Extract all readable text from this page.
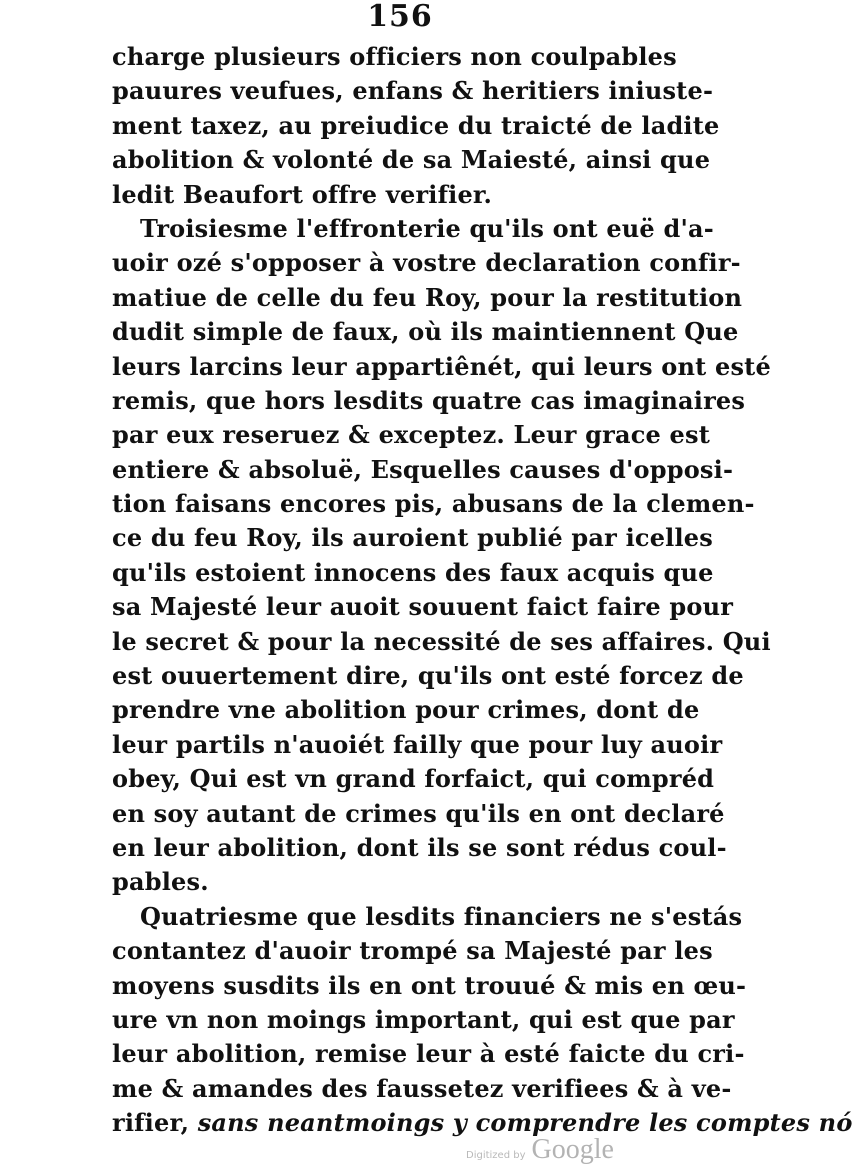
156
charge plusieurs officiers non coulpables
pauures veufues, enfans & heritiers iniuste-
ment taxez, au preiudice du traicté de ladite
abolition & volonté de sa Maiesté, ainsi que
ledit Beaufort offre verifier.
Troisiesme l'effronterie qu'ils ont euë d'a-
uoir ozé s'opposer à vostre declaration confir-
matiue de celle du feu Roy, pour la restitution
dudit simple de faux, où ils maintiennent Que
leurs larcins leur appartiênét, qui leurs ont esté
remis, que hors lesdits quatre cas imaginaires
par eux reseruez & exceptez. Leur grace est
entiere & absoluë, Esquelles causes d'opposi-
tion faisans encores pis, abusans de la clemen-
ce du feu Roy, ils auroient publié par icelles
qu'ils estoient innocens des faux acquis que
sa Majesté leur auoit souuent faict faire pour
le secret & pour la necessité de ses affaires. Qui
est ouuertement dire, qu'ils ont esté forcez de
prendre vne abolition pour crimes, dont de
leur partils n'auoiét failly que pour luy auoir
obey, Qui est vn grand forfaict, qui compréd
en soy autant de crimes qu'ils en ont declaré
en leur abolition, dont ils se sont rédus coul-
pables.
Quatriesme que lesdits financiers ne s'estás
contantez d'auoir trompé sa Majesté par les
moyens susdits ils en ont trouué & mis en œu-
ure vn non moings important, qui est que par
leur abolition, remise leur à esté faicte du cri-
me & amandes des faussetez verifiees & à ve-
rifier, sans neantmoings y comprendre les comptes nó
Digitized by Google
